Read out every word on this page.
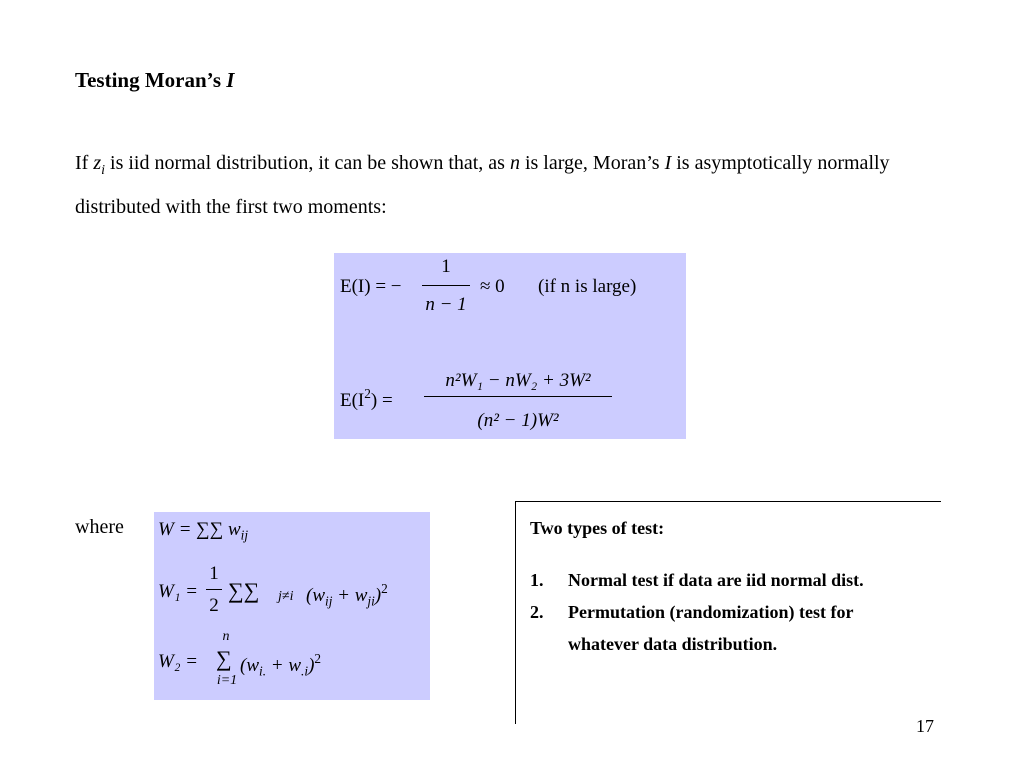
Testing Moran’s I
If $z_i$ is iid normal distribution, it can be shown that, as n is large, Moran’s I is asymptotically normally distributed with the first two moments:
E(I) = −
1
n − 1
≈ 0 (if n is large)
$E(I^2)$ =
n²W₁ − nW₂ + 3W²
(n² − 1)W²
where W = ∑∑ $w_{ij}$
W₁ =
1
2
∑∑ j≠i $(w_{ij} + w_{ji})^2$
W₂ =
n
∑
i=1
$(w_{i.} + w_{.i})^2$
Two types of test:
1.	Normal test if data are iid normal dist.
2.	Permutation (randomization) test for
whatever data distribution.
17
